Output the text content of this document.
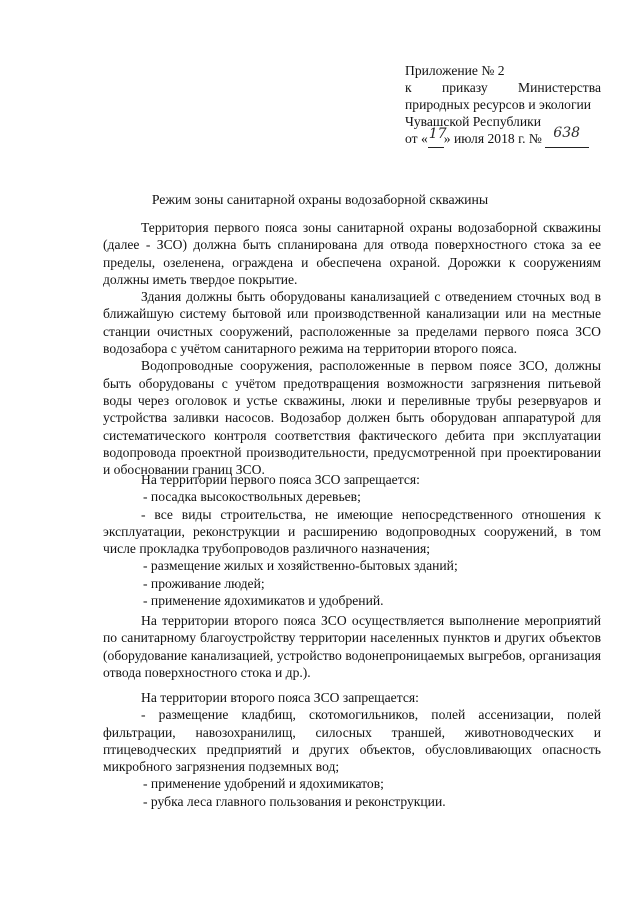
Приложение № 2
к приказу Министерства
природных ресурсов и экологии
Чувашской Республики
от « 17
» июля 2018 г. № 638
Режим зоны санитарной охраны водозаборной скважины

Территория первого пояса зоны санитарной охраны водозаборной скважины (далее - ЗСО) должна быть спланирована для отвода поверхностного стока за ее пределы, озеленена, ограждена и обеспечена охраной. Дорожки к сооружениям должны иметь твердое покрытие.

Здания должны быть оборудованы канализацией с отведением сточных вод в ближайшую систему бытовой или производственной канализации или на местные станции очистных сооружений, расположенные за пределами первого пояса ЗСО водозабора с учётом санитарного режима на территории второго пояса.

Водопроводные сооружения, расположенные в первом поясе ЗСО, должны быть оборудованы с учётом предотвращения возможности загрязнения питьевой воды через оголовок и устье скважины, люки и переливные трубы резервуаров и устройства заливки насосов. Водозабор должен быть оборудован аппаратурой для систематического контроля соответствия фактического дебита при эксплуатации водопровода проектной производительности, предусмотренной при проектировании и обосновании границ ЗСО.

На территории первого пояса ЗСО запрещается:

- посадка высокоствольных деревьев;

- все виды строительства, не имеющие непосредственного отношения к эксплуатации, реконструкции и расширению водопроводных сооружений, в том числе прокладка трубопроводов различного назначения;

- размещение жилых и хозяйственно-бытовых зданий;

- проживание людей;

- применение ядохимикатов и удобрений.

На территории второго пояса ЗСО осуществляется выполнение мероприятий по санитарному благоустройству территории населенных пунктов и других объектов (оборудование канализацией, устройство водонепроницаемых выгребов, организация отвода поверхностного стока и др.).

На территории второго пояса ЗСО запрещается:

- размещение кладбищ, скотомогильников, полей ассенизации, полей фильтрации, навозохранилищ, силосных траншей, животноводческих и птицеводческих предприятий и других объектов, обусловливающих опасность микробного загрязнения подземных вод;

- применение удобрений и ядохимикатов;

- рубка леса главного пользования и реконструкции.
